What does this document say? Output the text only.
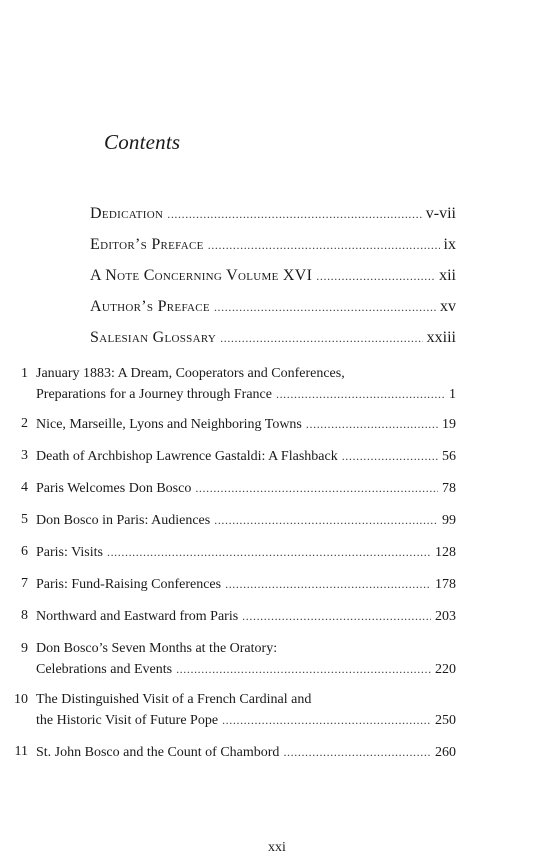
Contents
Dedication . . .	v-vii
Editor’s Preface . . .	ix
A Note Concerning Volume XVI . . .	xii
Author’s Preface . . .	xv
Salesian Glossary . . .	xxiii
1 January 1883: A Dream, Cooperators and Conferences,
Preparations for a Journey through France . . .	1
2 Nice, Marseille, Lyons and Neighboring Towns . . .	19
3 Death of Archbishop Lawrence Gastaldi: A Flashback . . .	56
4 Paris Welcomes Don Bosco . . .	78
5 Don Bosco in Paris: Audiences . . .	99
6 Paris: Visits . . .	128
7 Paris: Fund-Raising Conferences . . .	178
8 Northward and Eastward from Paris . . .	203
9 Don Bosco’s Seven Months at the Oratory:
Celebrations and Events . . .	220
10 The Distinguished Visit of a French Cardinal and
the Historic Visit of Future Pope . . .	250
11 St. John Bosco and the Count of Chambord . . .	260
xxi
